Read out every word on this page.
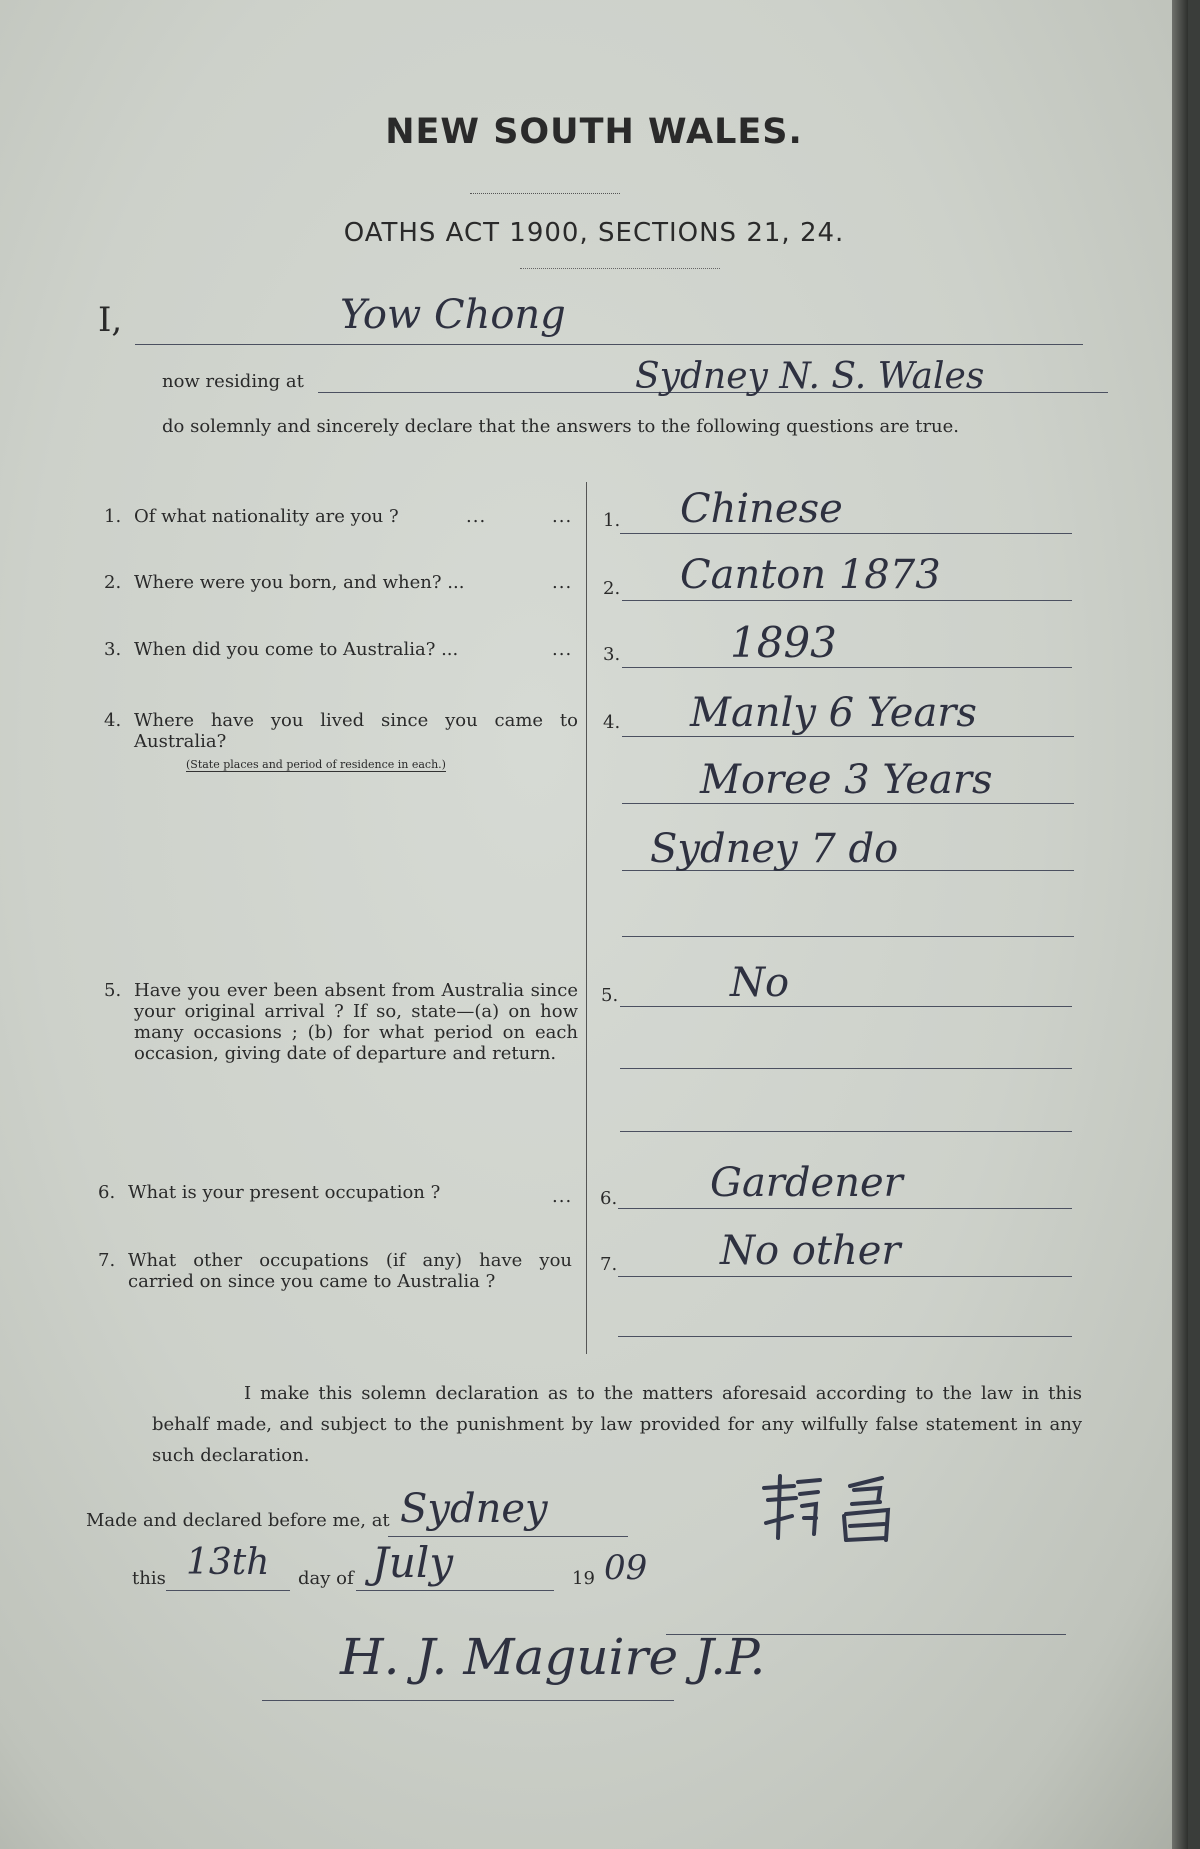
NEW SOUTH WALES.
OATHS ACT 1900, SECTIONS 21, 24.
I,	Yow Chong
now residing at	Sydney N. S. Wales
do solemnly and sincerely declare that the answers to the following questions are true.
1. Of what nationality are you ?	...	... 1. Chinese
2. Where were you born, and when? ...	... 2. Canton 1873
3. When did you come to Australia? ...	... 3.	1893
4. Where have you lived since you came to Australia?
(State places and period of residence in each.)
4. Manly 6 Years
Moree 3 Years
Sydney 7 do
5. Have you ever been absent from Australia since your original arrival ? If so, state—(a) on how many occasions ; (b) for what period on each occasion, giving date of departure and return.
5.	No
6. What is your present occupation ?	... 6. Gardener
7. What other occupations (if any) have you carried on since you came to Australia ?
7.	No other
I make this solemn declaration as to the matters aforesaid according to the law in this behalf made, and subject to the punishment by law provided for any wilfully false statement in any such declaration.
Made and declared before me, at Sydney
this 13th day of July	19 09
H. J. Maguire J.P.
